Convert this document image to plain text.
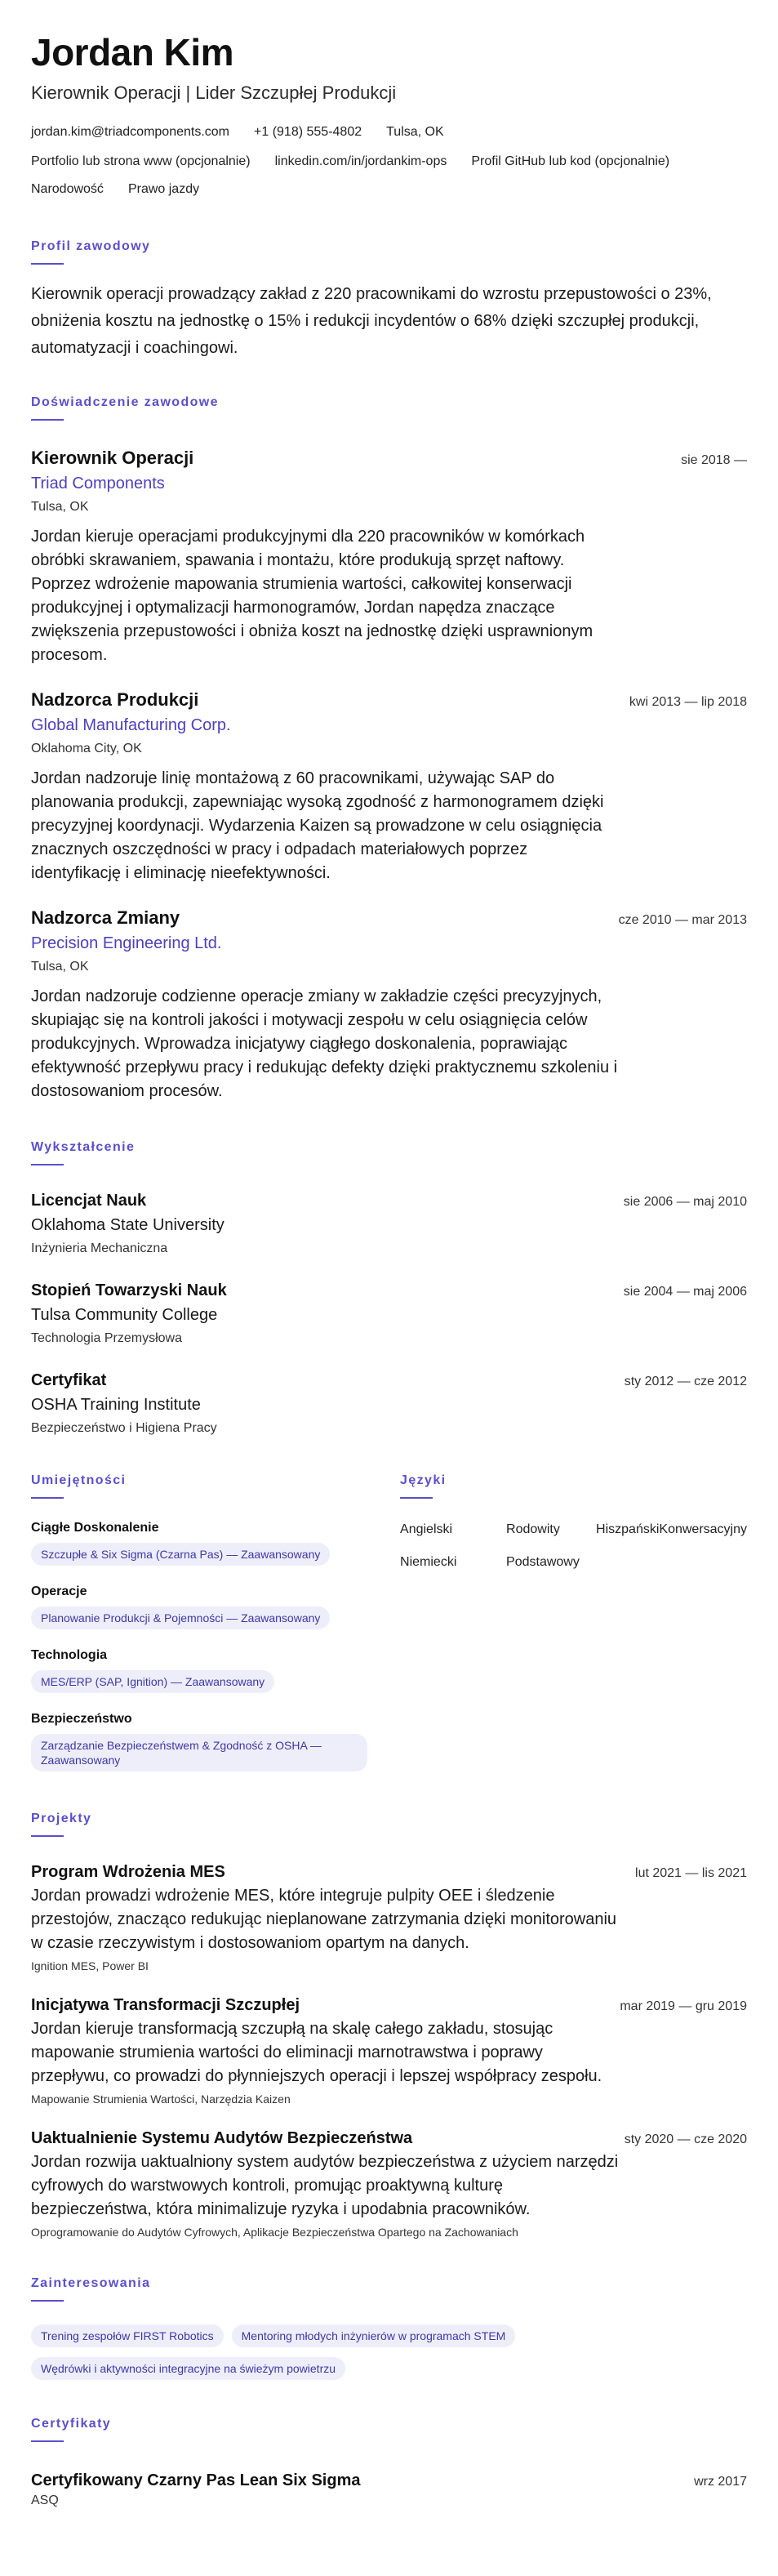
Jordan Kim
Kierownik Operacji | Lider Szczupłej Produkcji
jordan.kim@triadcomponents.com +1 (918) 555-4802 Tulsa, OK
Portfolio lub strona www (opcjonalnie) linkedin.com/in/jordankim-ops Profil GitHub lub kod (opcjonalnie)
Narodowość Prawo jazdy
Profil zawodowy
Kierownik operacji prowadzący zakład z 220 pracownikami do wzrostu przepustowości o 23%, obniżenia kosztu na jednostkę o 15% i redukcji incydentów o 68% dzięki szczupłej produkcji, automatyzacji i coachingowi.
Doświadczenie zawodowe
Kierownik Operacji	sie 2018 —
Triad Components
Tulsa, OK
Jordan kieruje operacjami produkcyjnymi dla 220 pracowników w komórkach obróbki skrawaniem, spawania i montażu, które produkują sprzęt naftowy. Poprzez wdrożenie mapowania strumienia wartości, całkowitej konserwacji produkcyjnej i optymalizacji harmonogramów, Jordan napędza znaczące zwiększenia przepustowości i obniża koszt na jednostkę dzięki usprawnionym procesom.
Nadzorca Produkcji	kwi 2013 — lip 2018
Global Manufacturing Corp.
Oklahoma City, OK
Jordan nadzoruje linię montażową z 60 pracownikami, używając SAP do planowania produkcji, zapewniając wysoką zgodność z harmonogramem dzięki precyzyjnej koordynacji. Wydarzenia Kaizen są prowadzone w celu osiągnięcia znacznych oszczędności w pracy i odpadach materiałowych poprzez identyfikację i eliminację nieefektywności.
Nadzorca Zmiany	cze 2010 — mar 2013
Precision Engineering Ltd.
Tulsa, OK
Jordan nadzoruje codzienne operacje zmiany w zakładzie części precyzyjnych, skupiając się na kontroli jakości i motywacji zespołu w celu osiągnięcia celów produkcyjnych. Wprowadza inicjatywy ciągłego doskonalenia, poprawiając efektywność przepływu pracy i redukując defekty dzięki praktycznemu szkoleniu i dostosowaniom procesów.
Wykształcenie
Licencjat Nauk	sie 2006 — maj 2010
Oklahoma State University
Inżynieria Mechaniczna
Stopień Towarzyski Nauk	sie 2004 — maj 2006
Tulsa Community College
Technologia Przemysłowa
Certyfikat	sty 2012 — cze 2012
OSHA Training Institute
Bezpieczeństwo i Higiena Pracy
Umiejętności
Ciągłe Doskonalenie
Szczupłe & Six Sigma (Czarna Pas) — Zaawansowany
Operacje
Planowanie Produkcji & Pojemności — Zaawansowany
Technologia
MES/ERP (SAP, Ignition) — Zaawansowany
Bezpieczeństwo
Zarządzanie Bezpieczeństwem & Zgodność z OSHA — Zaawansowany
Języki
Angielski	Rodowity	Hiszpański Konwersacyjny
Niemiecki	Podstawowy
Projekty
Program Wdrożenia MES	lut 2021 — lis 2021
Jordan prowadzi wdrożenie MES, które integruje pulpity OEE i śledzenie przestojów, znacząco redukując nieplanowane zatrzymania dzięki monitorowaniu w czasie rzeczywistym i dostosowaniom opartym na danych.
Ignition MES, Power BI
Inicjatywa Transformacji Szczupłej	mar 2019 — gru 2019
Jordan kieruje transformacją szczupłą na skalę całego zakładu, stosując mapowanie strumienia wartości do eliminacji marnotrawstwa i poprawy przepływu, co prowadzi do płynniejszych operacji i lepszej współpracy zespołu.
Mapowanie Strumienia Wartości, Narzędzia Kaizen
Uaktualnienie Systemu Audytów Bezpieczeństwa	sty 2020 — cze 2020
Jordan rozwija uaktualniony system audytów bezpieczeństwa z użyciem narzędzi cyfrowych do warstwowych kontroli, promując proaktywną kulturę bezpieczeństwa, która minimalizuje ryzyka i upodabnia pracowników.
Oprogramowanie do Audytów Cyfrowych, Aplikacje Bezpieczeństwa Opartego na Zachowaniach
Zainteresowania
Trening zespołów FIRST Robotics	Mentoring młodych inżynierów w programach STEM
Wędrówki i aktywności integracyjne na świeżym powietrzu
Certyfikaty
Certyfikowany Czarny Pas Lean Six Sigma	wrz 2017
ASQ
